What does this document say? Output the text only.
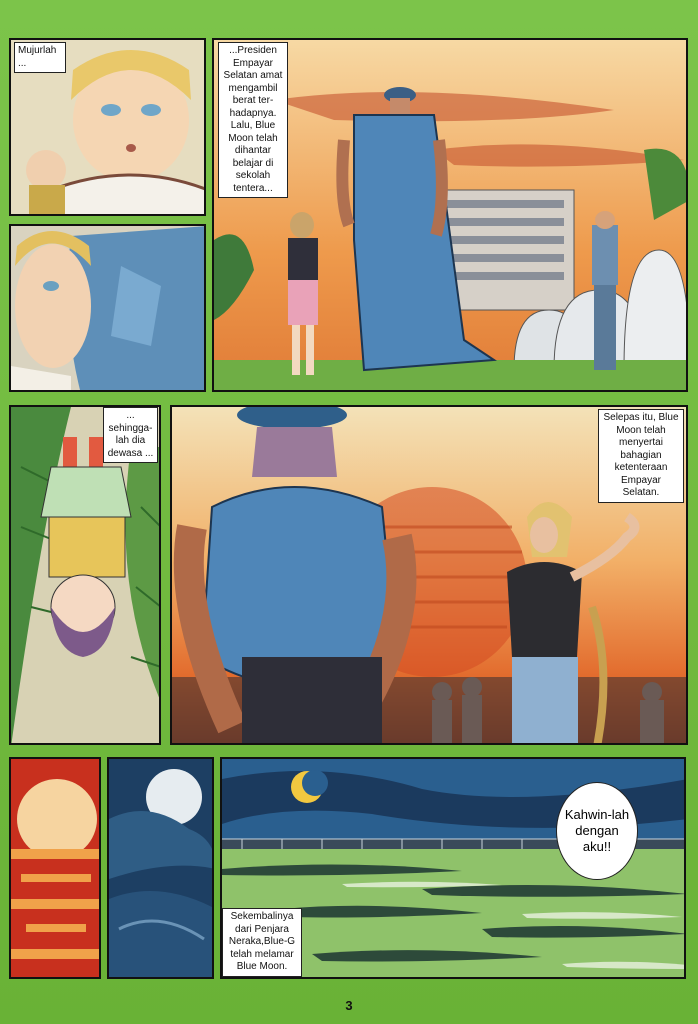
Mujurlah ...
...Presiden Empayar Selatan amat mengambil berat ter-hadapnya. Lalu, Blue Moon telah dihantar belajar di sekolah tentera...
... sehingga-lah dia dewasa ...
Selepas itu, Blue Moon telah menyertai bahagian ketenteraan Empayar Selatan.
Kahwin-lah dengan aku!!
Sekembalinya dari Penjara Neraka,Blue-G telah melamar Blue Moon.
3
